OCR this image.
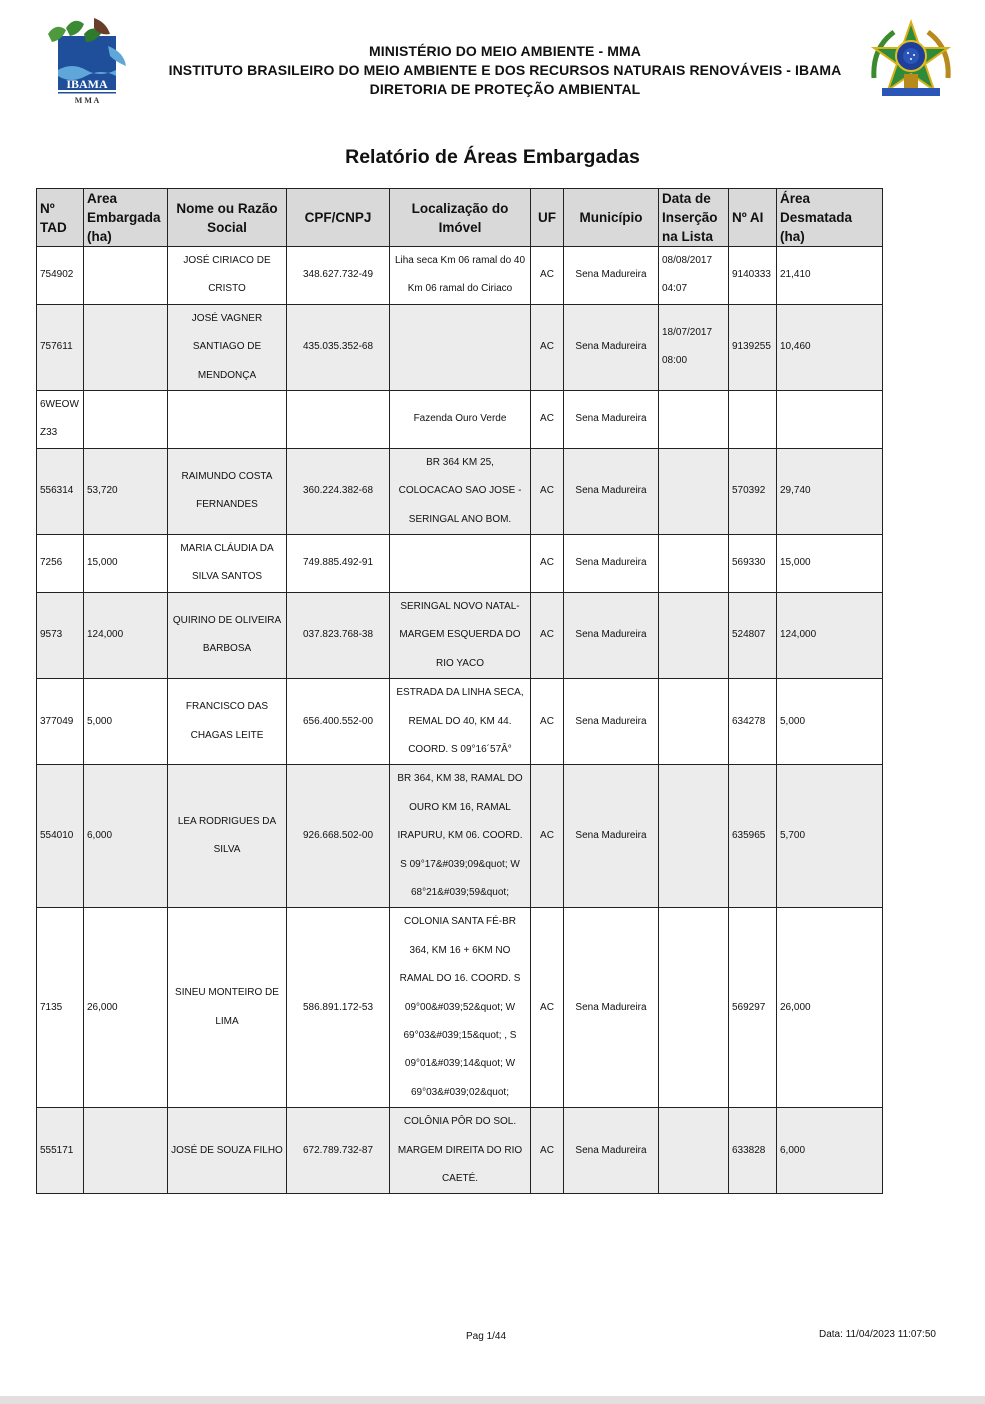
IBAMA
M M A
MINISTÉRIO DO MEIO AMBIENTE - MMA
INSTITUTO BRASILEIRO DO MEIO AMBIENTE E DOS RECURSOS NATURAIS RENOVÁVEIS - IBAMA
DIRETORIA DE PROTEÇÃO AMBIENTAL
Relatório de Áreas Embargadas
Nº TAD	Area Embargada (ha)	Nome ou Razão Social	CPF/CNPJ	Localização do Imóvel	UF	Município	Data de Inserção na Lista	Nº AI	Área Desmatada (ha)
754902		JOSÉ CIRIACO DE CRISTO	348.627.732-49	Liha seca Km 06 ramal do 40 Km 06 ramal do Ciriaco	AC	Sena Madureira	08/08/2017 04:07	9140333	21,410
757611		JOSÉ VAGNER SANTIAGO DE MENDONÇA	435.035.352-68		AC	Sena Madureira	18/07/2017 08:00	9139255	10,460
6WEOWZ33				Fazenda Ouro Verde	AC	Sena Madureira			
556314	53,720	RAIMUNDO COSTA FERNANDES	360.224.382-68	BR 364 KM 25, COLOCACAO SAO JOSE - SERINGAL ANO BOM.	AC	Sena Madureira		570392	29,740
7256	15,000	MARIA CLÁUDIA DA SILVA SANTOS	749.885.492-91		AC	Sena Madureira		569330	15,000
9573	124,000	QUIRINO DE OLIVEIRA BARBOSA	037.823.768-38	SERINGAL NOVO NATAL-MARGEM ESQUERDA DO RIO YACO	AC	Sena Madureira		524807	124,000
377049	5,000	FRANCISCO DAS CHAGAS LEITE	656.400.552-00	ESTRADA DA LINHA SECA, REMAL DO 40, KM 44. COORD. S 09°16´57Â°	AC	Sena Madureira		634278	5,000
554010	6,000	LEA RODRIGUES DA SILVA	926.668.502-00	BR 364, KM 38, RAMAL DO OURO KM 16, RAMAL IRAPURU, KM 06. COORD. S 09°17&#039;09&quot; W 68°21&#039;59&quot;	AC	Sena Madureira		635965	5,700
7135	26,000	SINEU MONTEIRO DE LIMA	586.891.172-53	COLONIA SANTA FÉ-BR 364, KM 16 + 6KM NO RAMAL DO 16. COORD. S 09°00&#039;52&quot; W 69°03&#039;15&quot; , S 09°01&#039;14&quot; W 69°03&#039;02&quot;	AC	Sena Madureira		569297	26,000
555171		JOSÉ DE SOUZA FILHO	672.789.732-87	COLÔNIA PÔR DO SOL. MARGEM DIREITA DO RIO CAETÉ.	AC	Sena Madureira		633828	6,000
Pag 1/44	Data: 11/04/2023 11:07:50
